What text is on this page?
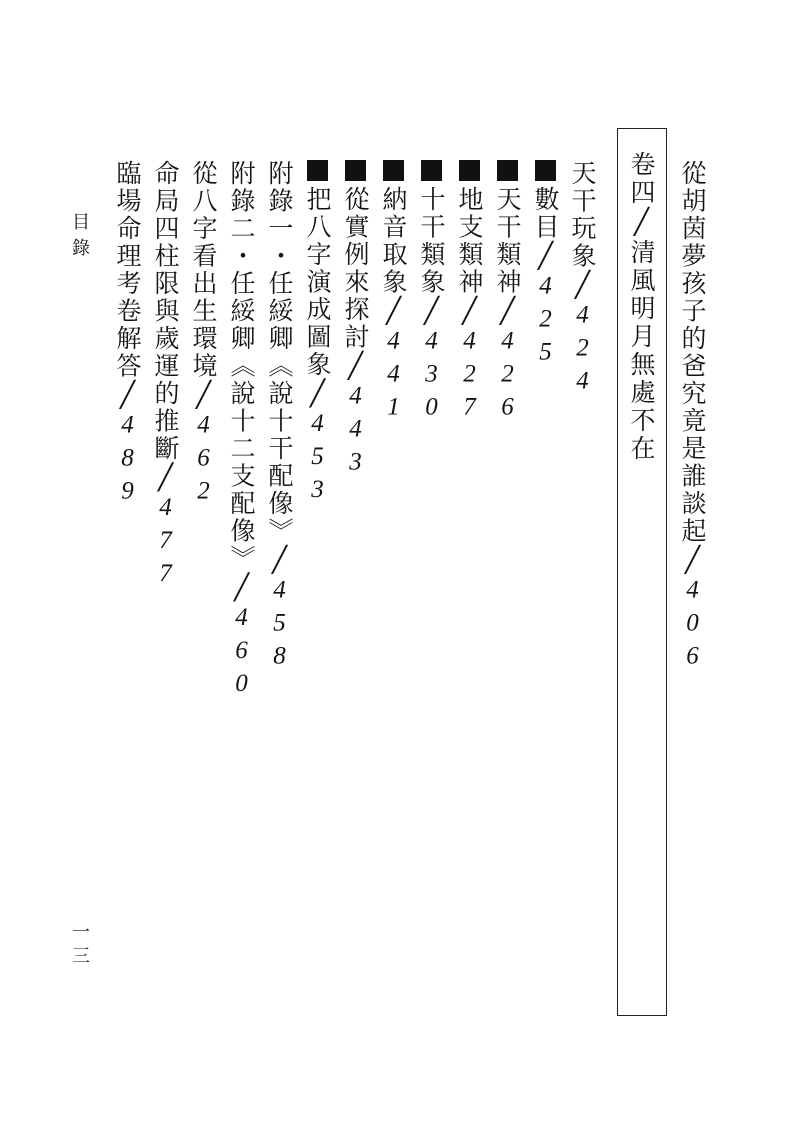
從胡茵夢孩子的爸究竟是誰談起╱406
卷四╱清風明月無處不在
天干玩象╱424
數目╱425
天干類神╱426
地支類神╱427
十干類象╱430
納音取象╱441
從實例來探討╱443
把八字演成圖象╱453
附錄一・任綏卿《說十干配像》╱458
附錄二・任綏卿《說十二支配像》╱460
從八字看出生環境╱462
命局四柱限與歲運的推斷╱477
臨場命理考卷解答╱489
目錄
一三
